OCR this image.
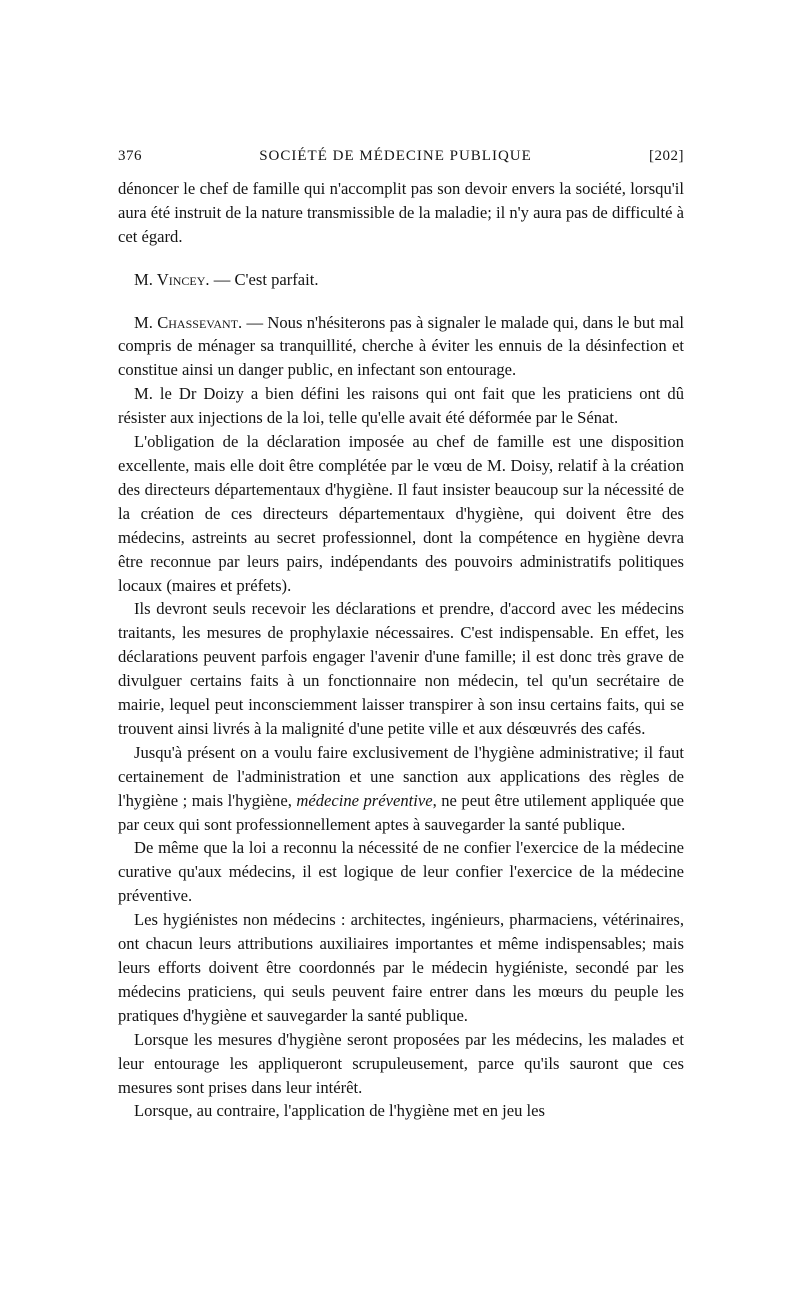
376	SOCIÉTÉ DE MÉDECINE PUBLIQUE	[202]

dénoncer le chef de famille qui n'accomplit pas son devoir envers la société, lorsqu'il aura été instruit de la nature transmissible de la maladie; il n'y aura pas de difficulté à cet égard.

M. Vincey. — C'est parfait.

M. Chassevant. — Nous n'hésiterons pas à signaler le malade qui, dans le but mal compris de ménager sa tranquillité, cherche à éviter les ennuis de la désinfection et constitue ainsi un danger public, en infectant son entourage.

M. le Dr Doizy a bien défini les raisons qui ont fait que les praticiens ont dû résister aux injections de la loi, telle qu'elle avait été déformée par le Sénat.

L'obligation de la déclaration imposée au chef de famille est une disposition excellente, mais elle doit être complétée par le vœu de M. Doisy, relatif à la création des directeurs départementaux d'hygiène. Il faut insister beaucoup sur la nécessité de la création de ces directeurs départementaux d'hygiène, qui doivent être des médecins, astreints au secret professionnel, dont la compétence en hygiène devra être reconnue par leurs pairs, indépendants des pouvoirs administratifs politiques locaux (maires et préfets).

Ils devront seuls recevoir les déclarations et prendre, d'accord avec les médecins traitants, les mesures de prophylaxie nécessaires. C'est indispensable. En effet, les déclarations peuvent parfois engager l'avenir d'une famille; il est donc très grave de divulguer certains faits à un fonctionnaire non médecin, tel qu'un secrétaire de mairie, lequel peut inconsciemment laisser transpirer à son insu certains faits, qui se trouvent ainsi livrés à la malignité d'une petite ville et aux désœuvrés des cafés.

Jusqu'à présent on a voulu faire exclusivement de l'hygiène administrative; il faut certainement de l'administration et une sanction aux applications des règles de l'hygiène ; mais l'hygiène, médecine préventive, ne peut être utilement appliquée que par ceux qui sont professionnellement aptes à sauvegarder la santé publique.

De même que la loi a reconnu la nécessité de ne confier l'exercice de la médecine curative qu'aux médecins, il est logique de leur confier l'exercice de la médecine préventive.

Les hygiénistes non médecins : architectes, ingénieurs, pharmaciens, vétérinaires, ont chacun leurs attributions auxiliaires importantes et même indispensables; mais leurs efforts doivent être coordonnés par le médecin hygiéniste, secondé par les médecins praticiens, qui seuls peuvent faire entrer dans les mœurs du peuple les pratiques d'hygiène et sauvegarder la santé publique.

Lorsque les mesures d'hygiène seront proposées par les médecins, les malades et leur entourage les appliqueront scrupuleusement, parce qu'ils sauront que ces mesures sont prises dans leur intérêt.

Lorsque, au contraire, l'application de l'hygiène met en jeu les
